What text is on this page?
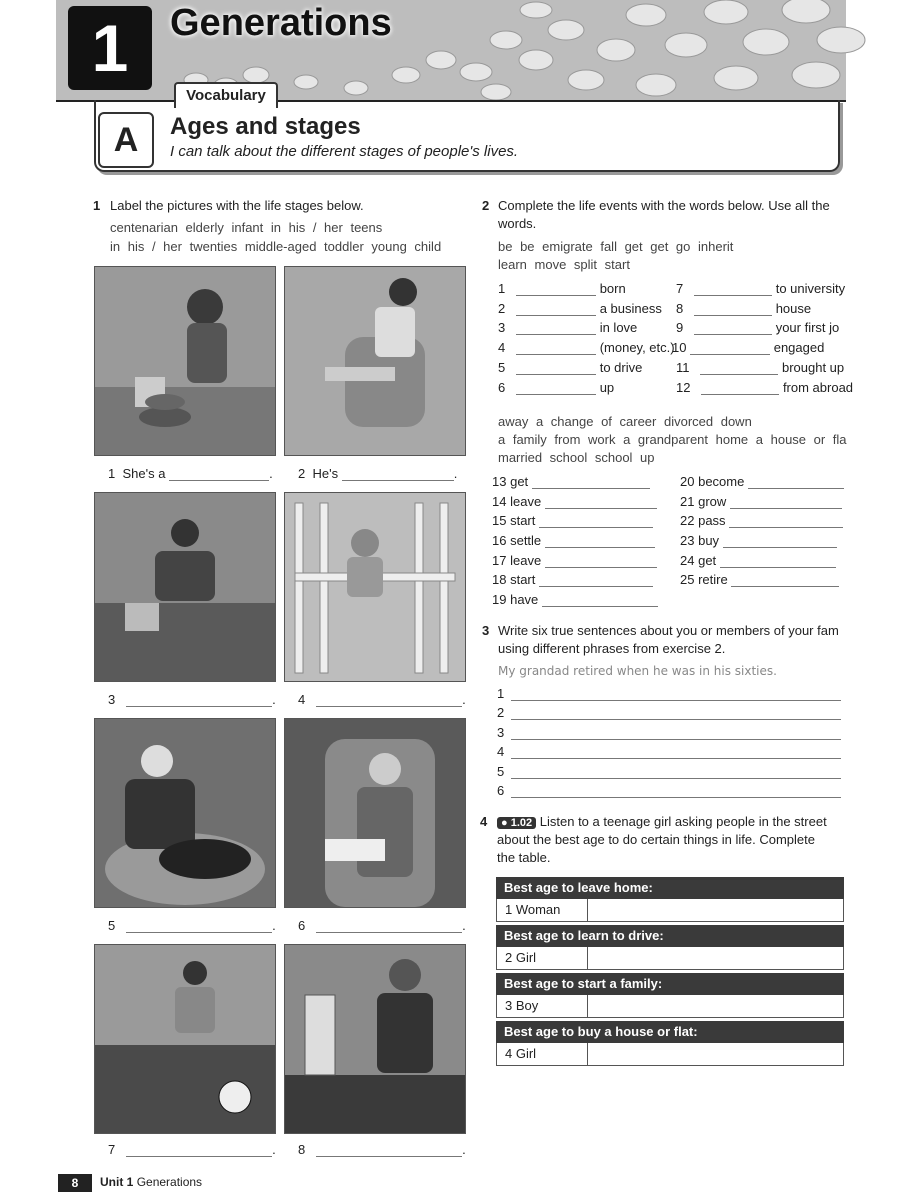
1	Generations
Vocabulary
A	Ages and stages
I can talk about the different stages of people's lives.
1 Label the pictures with the life stages below.
centenarian elderly infant in his / her teens
in his / her twenties middle-aged toddler young child
1 She's a	. 2 He's	.
3	. 4	.
5	. 6	.
7	. 8	.
2 Complete the life events with the words below. Use all the
words.
be be emigrate fall get get go inherit
learn move split start
1	born
2	a business
3	in love
4	(money, etc.)
5	to drive
6	up
7	to university
8	house
9	your first jo
10	engaged
11	brought up
12	from abroad
away a change of career divorced down
a family from work a grandparent home a house or fla
married school school up
13 get
14 leave
15 start
16 settle
17 leave
18 start
19 have
20 become
21 grow
22 pass
23 buy
24 get
25 retire
3 Write six true sentences about you or members of your fam
using different phrases from exercise 2.
My grandad retired when he was in his sixties.
1
2
3
4
5
6
4	● 1.02 Listen to a teenage girl asking people in the street
about the best age to do certain things in life. Complete
the table.
Best age to leave home:
1 Woman
Best age to learn to drive:
2 Girl
Best age to start a family:
3 Boy
Best age to buy a house or flat:
4 Girl
8	Unit 1 Generations
